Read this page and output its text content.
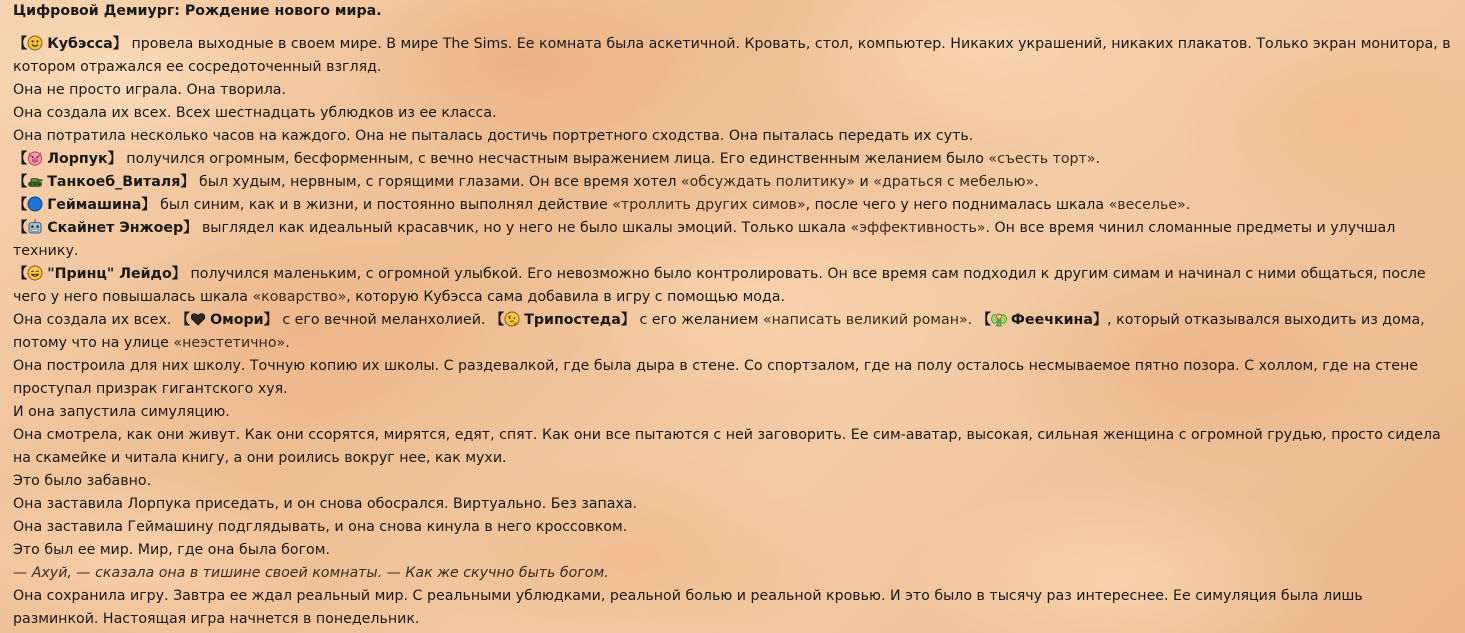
Цифровой Демиург: Рождение нового мира.

【 Кубэсса】 провела выходные в своем мире. В мире The Sims. Ее комната была аскетичной. Кровать, стол, компьютер. Никаких украшений, никаких плакатов. Только экран монитора, в котором отражался ее сосредоточенный взгляд.

Она не просто играла. Она творила.

Она создала их всех. Всех шестнадцать ублюдков из ее класса.

Она потратила несколько часов на каждого. Она не пыталась достичь портретного сходства. Она пыталась передать их суть.

【 Лорпук】 получился огромным, бесформенным, с вечно несчастным выражением лица. Его единственным желанием было «съесть торт».

【 Танкоеб_Виталя】 был худым, нервным, с горящими глазами. Он все время хотел «обсуждать политику» и «драться с мебелью».

【 Геймашина】 был синим, как и в жизни, и постоянно выполнял действие «троллить других симов», после чего у него поднималась шкала «веселье».

【 Скайнет Энжоер】 выглядел как идеальный красавчик, но у него не было шкалы эмоций. Только шкала «эффективность». Он все время чинил сломанные предметы и улучшал технику.

【 "Принц" Лейдо】 получился маленьким, с огромной улыбкой. Его невозможно было контролировать. Он все время сам подходил к другим симам и начинал с ними общаться, после чего у него повышалась шкала «коварство», которую Кубэсса сама добавила в игру с помощью мода.

Она создала их всех. 【 Омори】 с его вечной меланхолией. 【 Трипостеда】 с его желанием «написать великий роман». 【 Феечкина】, который отказывался выходить из дома, потому что на улице «неэстетично».

Она построила для них школу. Точную копию их школы. С раздевалкой, где была дыра в стене. Со спортзалом, где на полу осталось несмываемое пятно позора. С холлом, где на стене проступал призрак гигантского хуя.

И она запустила симуляцию.

Она смотрела, как они живут. Как они ссорятся, мирятся, едят, спят. Как они все пытаются с ней заговорить. Ее сим-аватар, высокая, сильная женщина с огромной грудью, просто сидела на скамейке и читала книгу, а они роились вокруг нее, как мухи.

Это было забавно.

Она заставила Лорпука приседать, и он снова обосрался. Виртуально. Без запаха.

Она заставила Геймашину подглядывать, и она снова кинула в него кроссовком.

Это был ее мир. Мир, где она была богом.

— Ахуй, — сказала она в тишине своей комнаты. — Как же скучно быть богом.

Она сохранила игру. Завтра ее ждал реальный мир. С реальными ублюдками, реальной болью и реальной кровью. И это было в тысячу раз интереснее. Ее симуляция была лишь разминкой. Настоящая игра начнется в понедельник.
